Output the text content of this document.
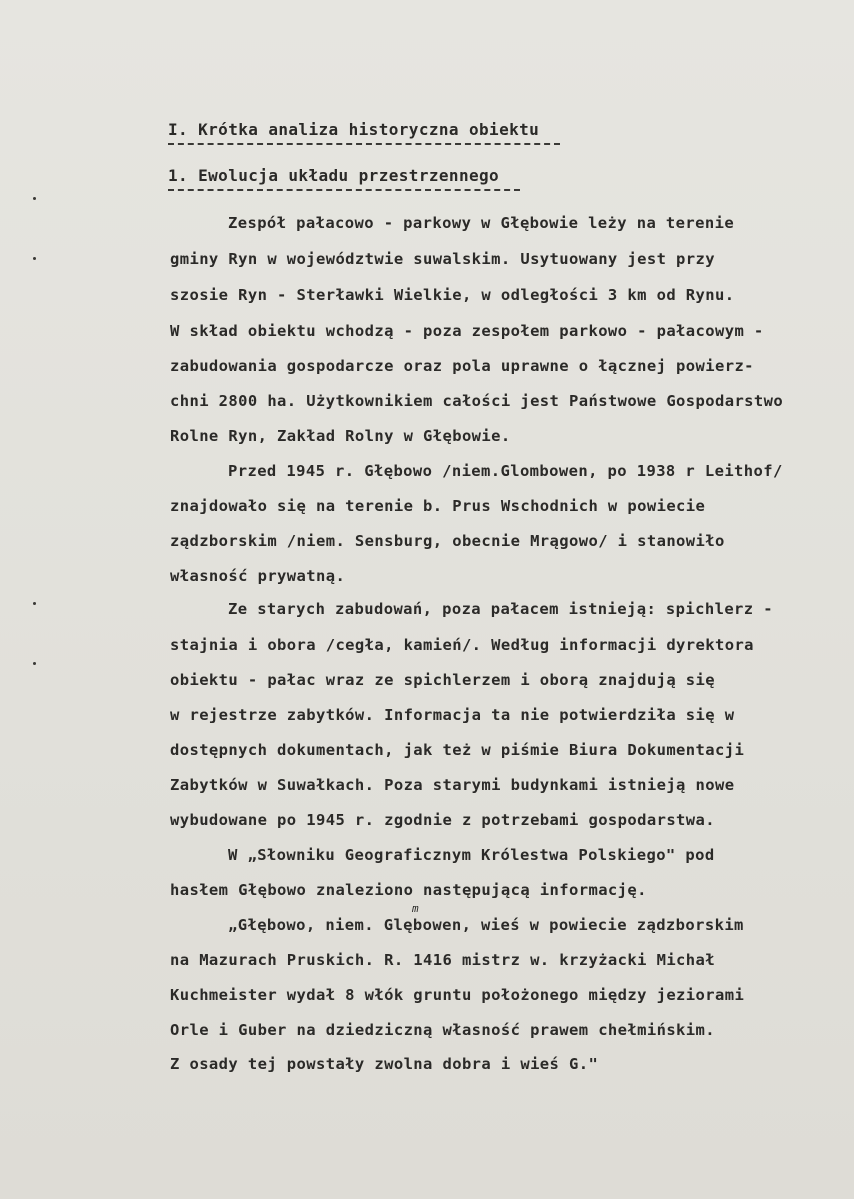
I. Krótka analiza historyczna obiektu
1. Ewolucja układu przestrzennego
Zespół pałacowo - parkowy w Głębowie leży na terenie
gminy Ryn w województwie suwalskim. Usytuowany jest przy
szosie Ryn - Sterławki Wielkie, w odległości 3 km od Rynu.
W skład obiektu wchodzą - poza zespołem parkowo - pałacowym -
zabudowania gospodarcze oraz pola uprawne o łącznej powierz-
chni 2800 ha. Użytkownikiem całości jest Państwowe Gospodarstwo
Rolne Ryn, Zakład Rolny w Głębowie.
Przed 1945 r. Głębowo /niem.Glombowen, po 1938 r Leithof/
znajdowało się na terenie b. Prus Wschodnich w powiecie
ządzborskim /niem. Sensburg, obecnie Mrągowo/ i stanowiło
własność prywatną.
Ze starych zabudowań, poza pałacem istnieją: spichlerz -
stajnia i obora /cegła, kamień/. Według informacji dyrektora
obiektu - pałac wraz ze spichlerzem i oborą znajdują się
w rejestrze zabytków. Informacja ta nie potwierdziła się w
dostępnych dokumentach, jak też w piśmie Biura Dokumentacji
Zabytków w Suwałkach. Poza starymi budynkami istnieją nowe
wybudowane po 1945 r. zgodnie z potrzebami gospodarstwa.
W „Słowniku Geograficznym Królestwa Polskiego" pod
hasłem Głębowo znaleziono następującą informację.
m
„Głębowo, niem. Glębowen, wieś w powiecie ządzborskim
na Mazurach Pruskich. R. 1416 mistrz w. krzyżacki Michał
Kuchmeister wydał 8 włók gruntu położonego między jeziorami
Orle i Guber na dziedziczną własność prawem chełmińskim.
Z osady tej powstały zwolna dobra i wieś G."
